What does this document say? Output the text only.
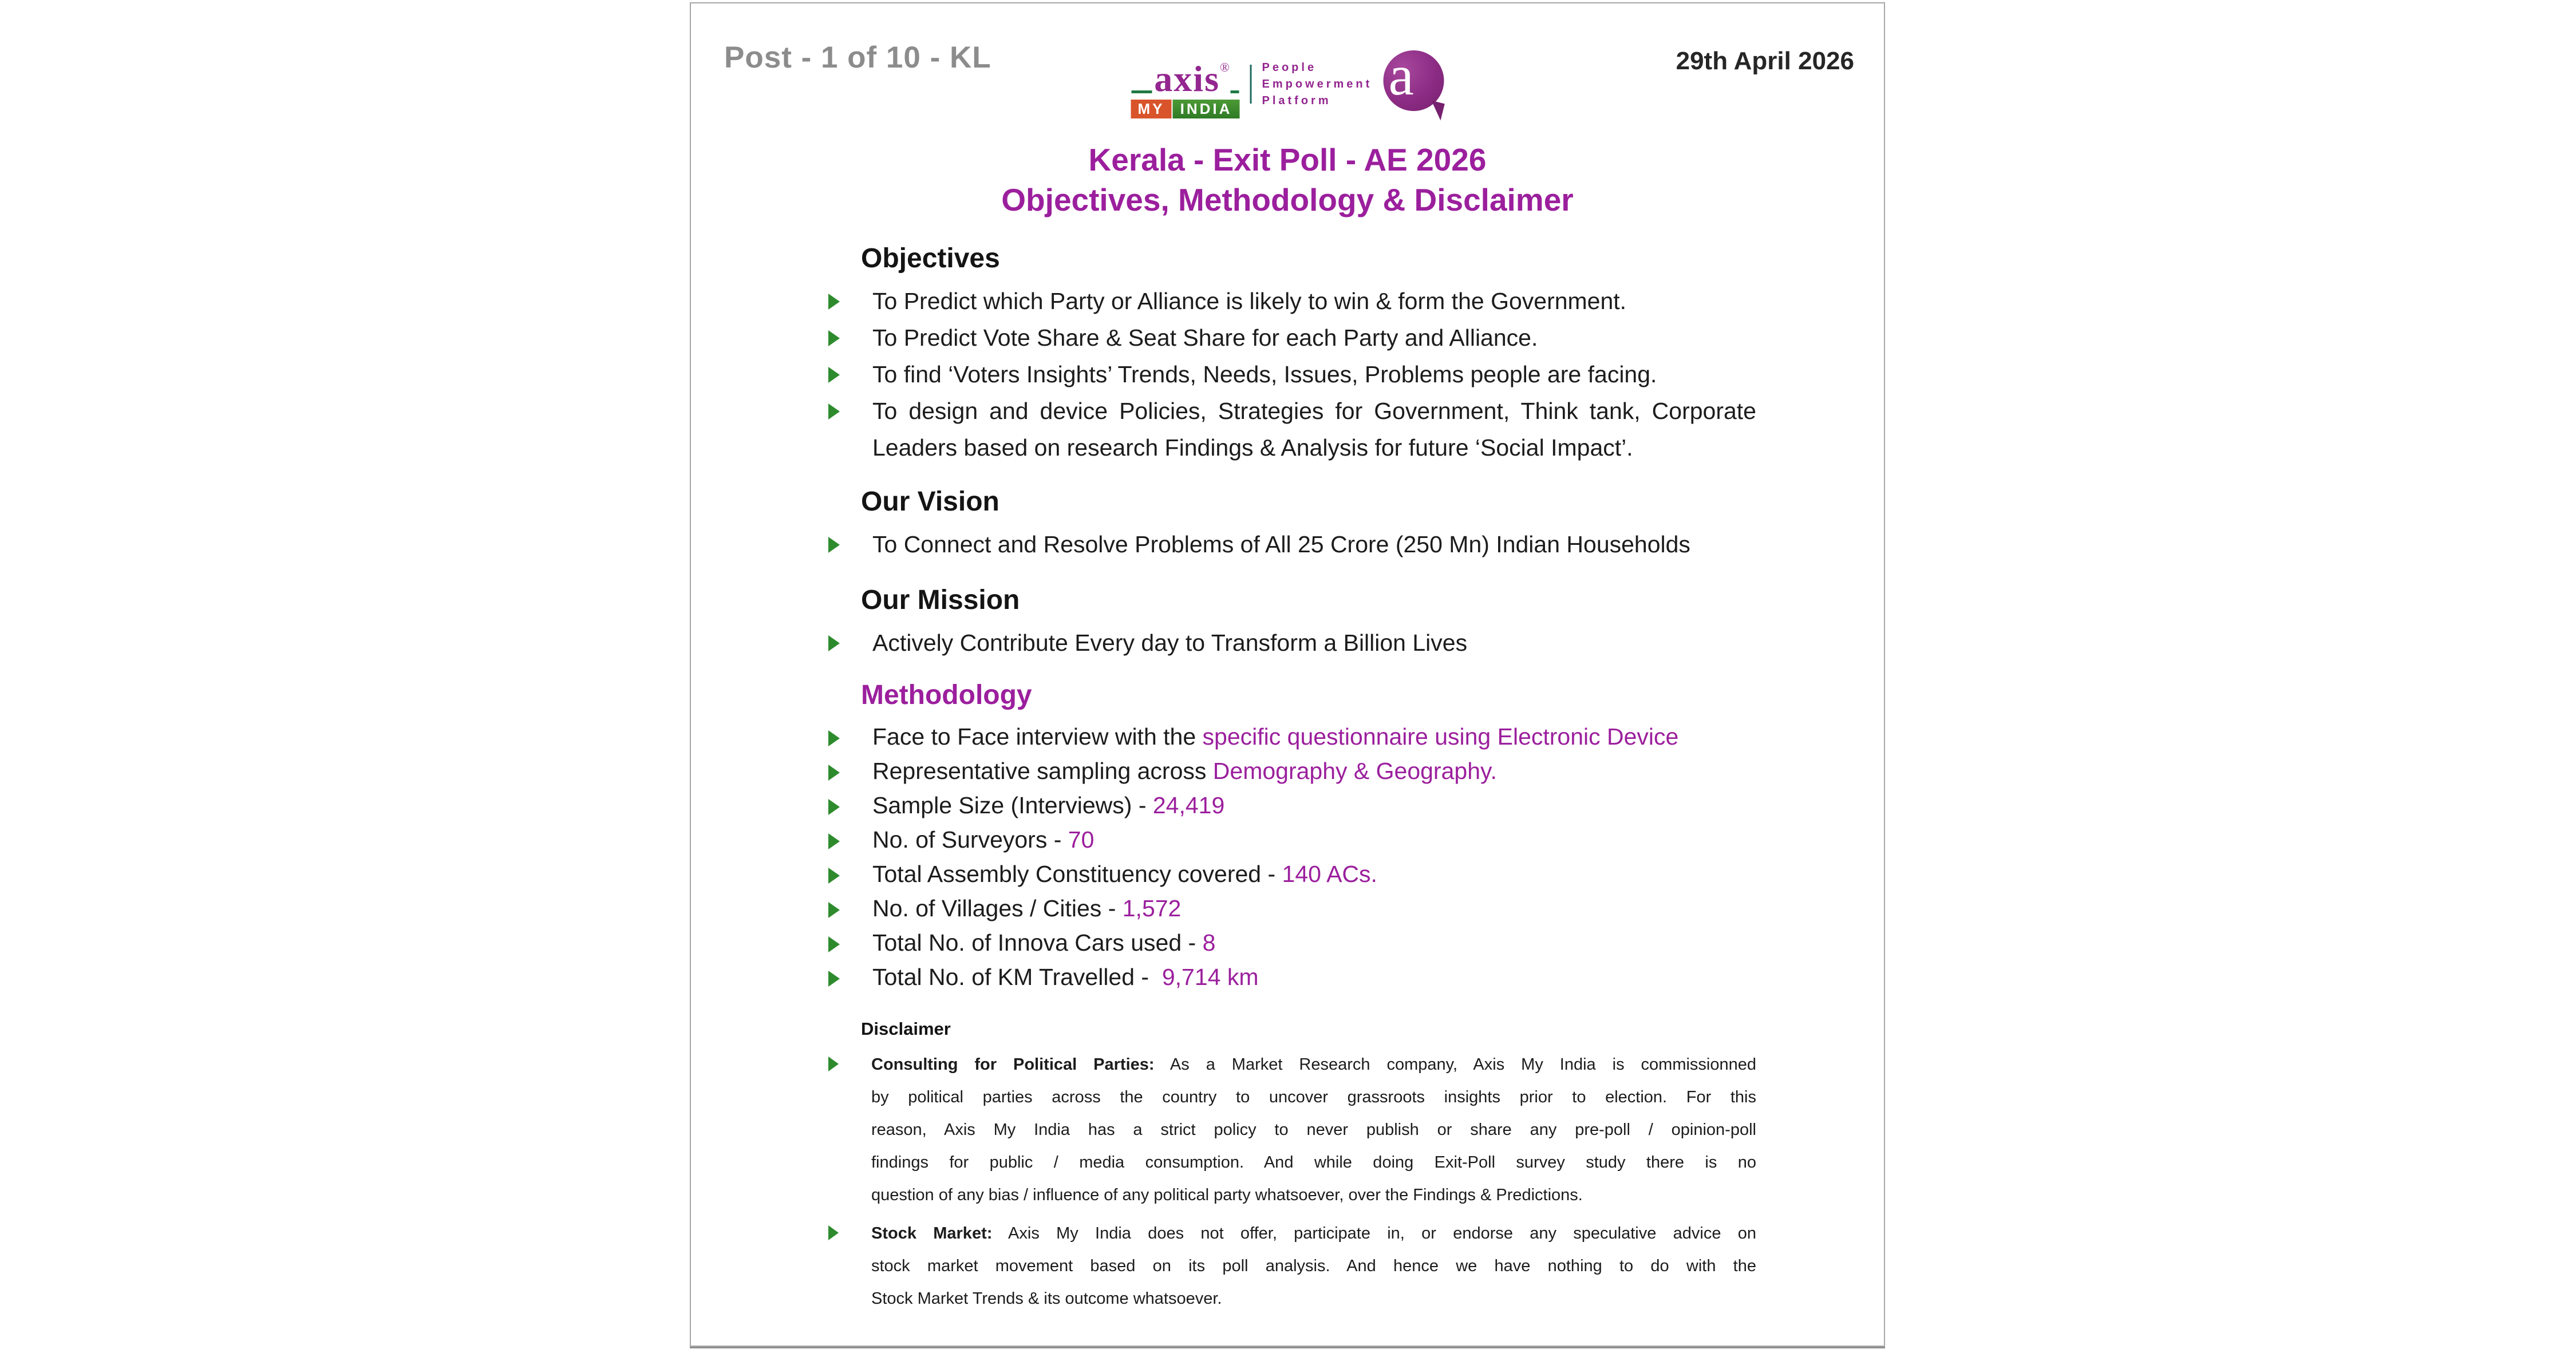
Post - 1 of 10 - KL	29th April 2026
axis®
MY	INDIA
People
Empowerment
Platform a
Kerala - Exit Poll - AE 2026
Objectives, Methodology & Disclaimer
Objectives
To Predict which Party or Alliance is likely to win & form the Government.
To Predict Vote Share & Seat Share for each Party and Alliance.
To find ‘Voters Insights’ Trends, Needs, Issues, Problems people are facing.
To design and device Policies, Strategies for Government, Think tank, Corporate
Leaders based on research Findings & Analysis for future ‘Social Impact’.
Our Vision
To Connect and Resolve Problems of All 25 Crore (250 Mn) Indian Households
Our Mission
Actively Contribute Every day to Transform a Billion Lives
Methodology
Face to Face interview with the specific questionnaire using Electronic Device
Representative sampling across Demography & Geography.
Sample Size (Interviews) - 24,419
No. of Surveyors - 70
Total Assembly Constituency covered - 140 ACs.
No. of Villages / Cities - 1,572
Total No. of Innova Cars used - 8
Total No. of KM Travelled -  9,714 km
Disclaimer
Consulting for Political Parties: As a Market Research company, Axis My India is commissionned
by political parties across the country to uncover grassroots insights prior to election. For this
reason, Axis My India has a strict policy to never publish or share any pre-poll / opinion-poll
findings for public / media consumption. And while doing Exit-Poll survey study there is no
question of any bias / influence of any political party whatsoever, over the Findings & Predictions.
Stock Market: Axis My India does not offer, participate in, or endorse any speculative advice on
stock market movement based on its poll analysis. And hence we have nothing to do with the
Stock Market Trends & its outcome whatsoever.
